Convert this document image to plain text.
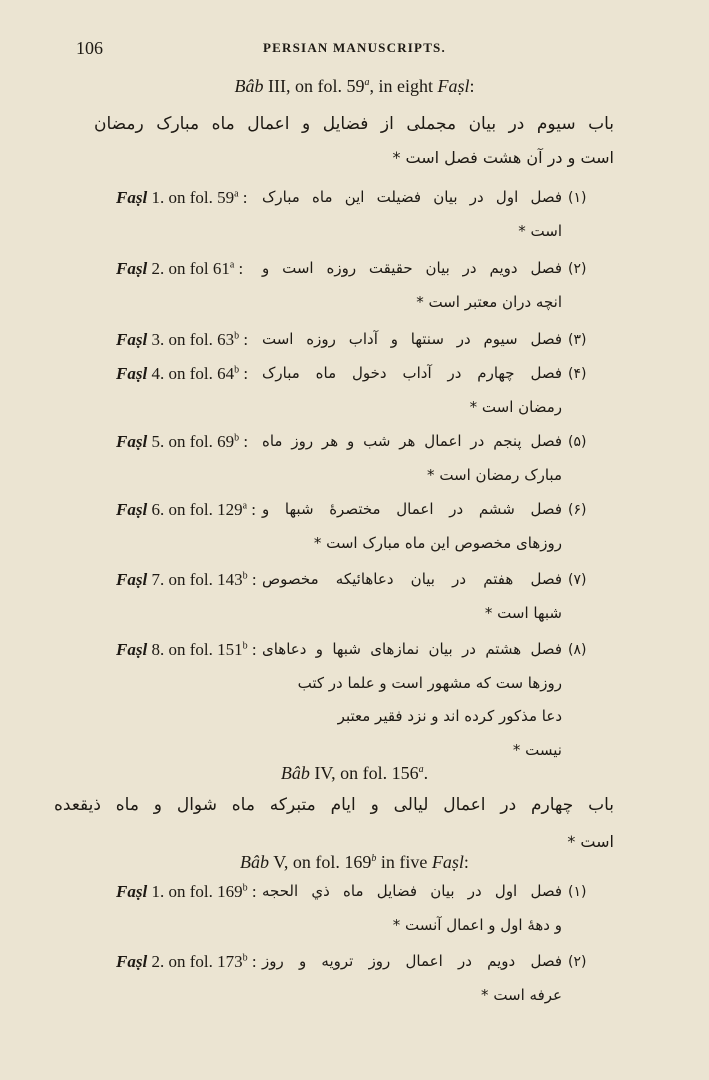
106	PERSIAN MANUSCRIPTS.
Bâb III, on fol. 59$^a$, in eight Faṣl:
باب سیوم در بیان مجملی از فضایل و اعمال ماه مبارک رمضان
است و در آن هشت فصل است *
Faṣl 1. on fol. 59$^a$ :	(۱)
فصل اول در بیان فضیلت این ماه مبارک
است *
Faṣl 2. on fol 61$^a$ :	(۲)
فصل دویم در بیان حقیقت روزه است و
انچه دران معتبر است *
Faṣl 3. on fol. 63$^b$ :	(۳)
فصل سیوم در سنتها و آداب روزه است
Faṣl 4. on fol. 64$^b$ :	(۴)
فصل چهارم در آداب دخول ماه مبارک
رمضان است *
Faṣl 5. on fol. 69$^b$ :	(۵)
فصل پنجم در اعمال هر شب و هر روز ماه
مبارک رمضان است *
Faṣl 6. on fol. 129$^a$ :	(۶)
فصل ششم در اعمال مختصرهٔ شبها و
روزهای مخصوص این ماه مبارک است *
Faṣl 7. on fol. 143$^b$ :	(۷)
فصل هفتم در بیان دعاهائیکه مخصوص
شبها است *
Faṣl 8. on fol. 151$^b$ :	(۸)
فصل هشتم در بیان نمازهای شبها و دعاهای
روزها ست که مشهور است و علما در کتب
دعا مذکور کرده اند و نزد فقیر معتبر
نیست *
Bâb IV, on fol. 156$^a$.
باب چهارم در اعمال لیالی و ایام متبرکه ماه شوال و ماه ذیقعده
است *
Bâb V, on fol. 169$^b$ in five Faṣl:
Faṣl 1. on fol. 169$^b$ :	(۱)
فصل اول در بیان فضایل ماه ذي الحجه
و دههٔ اول و اعمال آنست *
Faṣl 2. on fol. 173$^b$ :	(۲)
فصل دویم در اعمال روز ترویه و روز
عرفه است *
